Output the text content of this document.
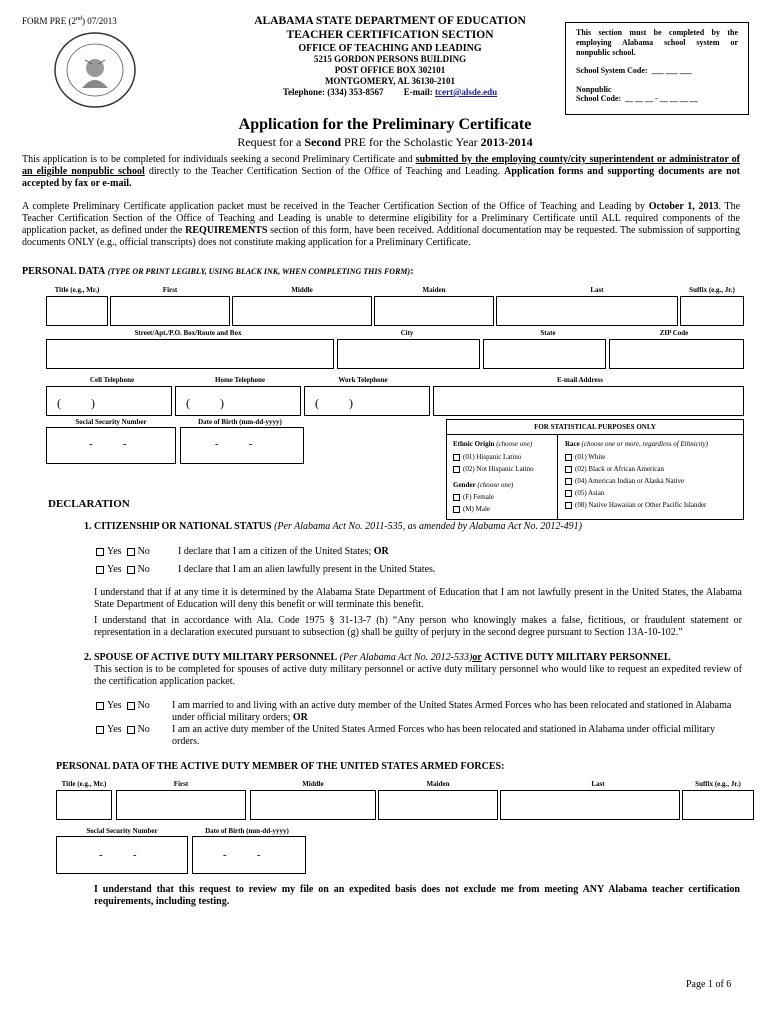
FORM PRE (2nd) 07/2013	ALABAMA STATE DEPARTMENT OF EDUCATION
TEACHER CERTIFICATION SECTION
OFFICE OF TEACHING AND LEADING
5215 GORDON PERSONS BUILDING
POST OFFICE BOX 302101
MONTGOMERY, AL 36130-2101
Telephone: (334) 353-8567 E-mail: tcert@alsde.edu
This section must be completed by the employing Alabama school system or nonpublic school.
School System Code: ___ ___ ___
Nonpublic
School Code: __ __ __ - __ __ __ __
Application for the Preliminary Certificate
Request for a Second PRE for the Scholastic Year 2013-2014
This application is to be completed for individuals seeking a second Preliminary Certificate and submitted by the employing county/city superintendent or administrator of an eligible nonpublic school directly to the Teacher Certification Section of the Office of Teaching and Leading. Application forms and supporting documents are not accepted by fax or e-mail.
A complete Preliminary Certificate application packet must be received in the Teacher Certification Section of the Office of Teaching and Leading by October 1, 2013. The Teacher Certification Section of the Office of Teaching and Leading is unable to determine eligibility for a Preliminary Certificate until ALL required components of the application packet, as defined under the REQUIREMENTS section of this form, have been received. Additional documentation may be requested. The submission of supporting documents ONLY (e.g., official transcripts) does not constitute making application for a Preliminary Certificate.
PERSONAL DATA (TYPE OR PRINT LEGIBLY, USING BLACK INK, WHEN COMPLETING THIS FORM):
Title (e.g., Mr.)	First	Middle	Maiden	Last	Suffix (e.g., Jr.)
Street/Apt./P.O. Box/Route and Box	City	State	ZIP Code
Cell Telephone	Home Telephone	Work Telephone	E-mail Address
(          )	(          )	(          )
Social Security Number	Date of Birth (mm-dd-yyyy)
-           -	-           -
FOR STATISTICAL PURPOSES ONLY
Ethnic Origin (choose one)
(01) Hispanic Latino
(02) Not Hispanic Latino
Gender (choose one)
(F) Female
(M) Male
Race (choose one or more, regardless of Ethnicity)
(01) White
(02) Black or African American
(04) American Indian or Alaska Native
(05) Asian
(08) Native Hawaiian or Other Pacific Islander
DECLARATION
1. CITIZENSHIP OR NATIONAL STATUS (Per Alabama Act No. 2011-535, as amended by Alabama Act No. 2012-491)
Yes No	I declare that I am a citizen of the United States; OR
Yes No	I declare that I am an alien lawfully present in the United States.
I understand that if at any time it is determined by the Alabama State Department of Education that I am not lawfully present in the United States, the Alabama State Department of Education will deny this benefit or will terminate this benefit.
I understand that in accordance with Ala. Code 1975 § 31-13-7 (h) “Any person who knowingly makes a false, fictitious, or fraudulent statement or representation in a declaration executed pursuant to subsection (g) shall be guilty of perjury in the second degree pursuant to Section 13A-10-102.”
2. SPOUSE OF ACTIVE DUTY MILITARY PERSONNEL (Per Alabama Act No. 2012-533)or ACTIVE DUTY MILITARY PERSONNEL
This section is to be completed for spouses of active duty military personnel or active duty military personnel who would like to request an expedited review of the certification application packet.
Yes No I am married to and living with an active duty member of the United States Armed Forces who has been relocated and stationed in Alabama
under official military orders; OR
Yes No I am an active duty member of the United States Armed Forces who has been relocated and stationed in Alabama under official military
orders.
PERSONAL DATA OF THE ACTIVE DUTY MEMBER OF THE UNITED STATES ARMED FORCES:
Title (e.g., Mr.)	First	Middle	Maiden	Last	Suffix (e.g., Jr.)
Social Security Number	Date of Birth (mm-dd-yyyy)
-           -	-           -
I understand that this request to review my file on an expedited basis does not exclude me from meeting ANY Alabama teacher certification requirements, including testing.
Page 1 of 6
